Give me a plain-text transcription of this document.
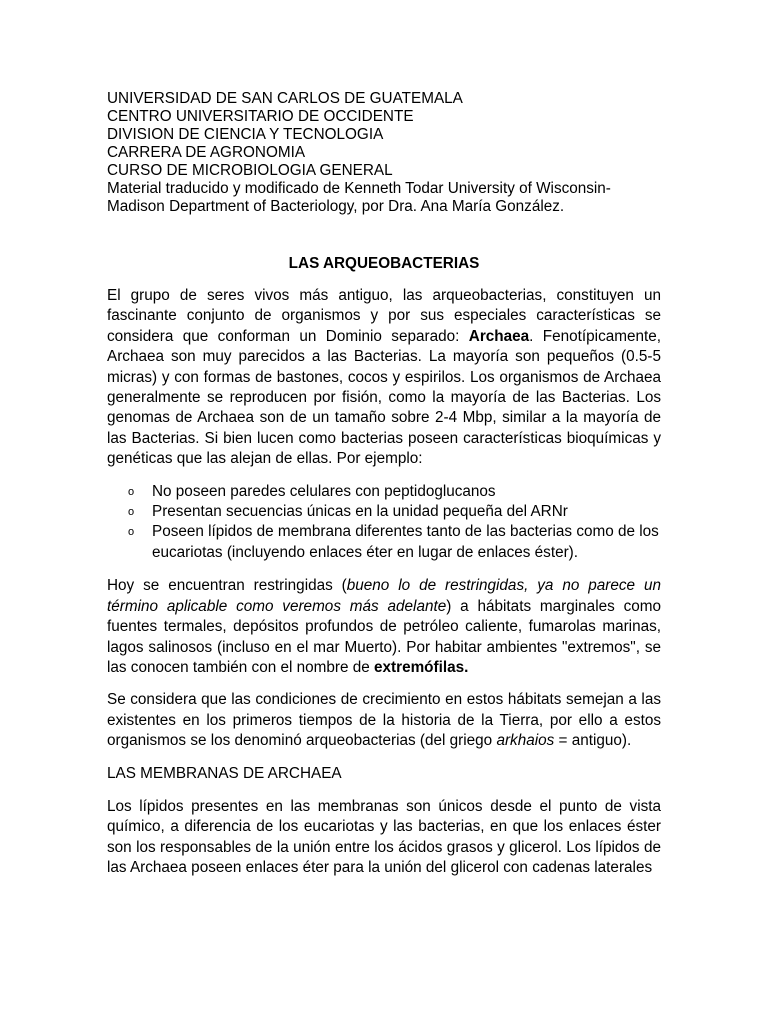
UNIVERSIDAD DE SAN CARLOS DE GUATEMALA
CENTRO UNIVERSITARIO DE OCCIDENTE
DIVISION DE CIENCIA Y TECNOLOGIA
CARRERA DE AGRONOMIA
CURSO DE MICROBIOLOGIA GENERAL
Material traducido y modificado de Kenneth Todar University of Wisconsin-
Madison Department of Bacteriology, por Dra. Ana María González.
LAS ARQUEOBACTERIAS

El grupo de seres vivos más antiguo, las arqueobacterias, constituyen un fascinante conjunto de organismos y por sus especiales características se considera que conforman un Dominio separado: Archaea. Fenotípicamente, Archaea son muy parecidos a las Bacterias. La mayoría son pequeños (0.5-5 micras) y con formas de bastones, cocos y espirilos. Los organismos de Archaea generalmente se reproducen por fisión, como la mayoría de las Bacterias. Los genomas de Archaea son de un tamaño sobre 2-4 Mbp, similar a la mayoría de las Bacterias. Si bien lucen como bacterias poseen características bioquímicas y genéticas que las alejan de ellas. Por ejemplo:

o No poseen paredes celulares con peptidoglucanos
o Presentan secuencias únicas en la unidad pequeña del ARNr
o Poseen lípidos de membrana diferentes tanto de las bacterias como de los eucariotas (incluyendo enlaces éter en lugar de enlaces éster).

Hoy se encuentran restringidas (bueno lo de restringidas, ya no parece un término aplicable como veremos más adelante) a hábitats marginales como fuentes termales, depósitos profundos de petróleo caliente, fumarolas marinas, lagos salinosos (incluso en el mar Muerto). Por habitar ambientes "extremos", se las conocen también con el nombre de extremófilas.

Se considera que las condiciones de crecimiento en estos hábitats semejan a las existentes en los primeros tiempos de la historia de la Tierra, por ello a estos organismos se los denominó arqueobacterias (del griego arkhaios = antiguo).

LAS MEMBRANAS DE ARCHAEA

Los lípidos presentes en las membranas son únicos desde el punto de vista químico, a diferencia de los eucariotas y las bacterias, en que los enlaces éster son los responsables de la unión entre los ácidos grasos y glicerol. Los lípidos de las Archaea poseen enlaces éter para la unión del glicerol con cadenas laterales
